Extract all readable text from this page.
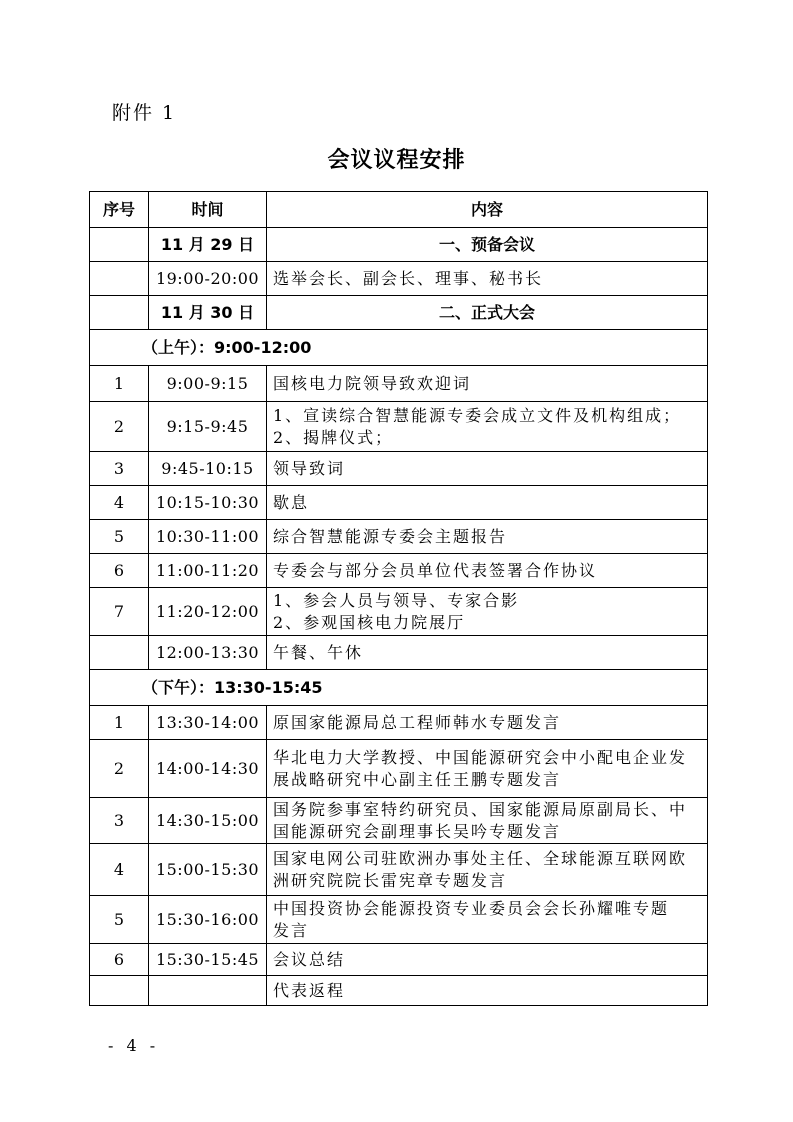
附件 1
会议议程安排
序号	时间	内容
	11 月 29 日	一、预备会议
	19:00-20:00	选举会长、副会长、理事、秘书长
	11 月 30 日	二、正式大会
（上午）：9:00-12:00		
1	9:00-9:15	国核电力院领导致欢迎词

2	9:15-9:45	1、宣读综合智慧能源专委会成立文件及机构组成；
2、揭牌仪式；

3	9:45-10:15	领导致词

4	10:15-10:30	歇息

5	10:30-11:00	综合智慧能源专委会主题报告

6	11:00-11:20	专委会与部分会员单位代表签署合作协议

7	11:20-12:00	1、参会人员与领导、专家合影
2、参观国核电力院展厅

	12:00-13:30	午餐、午休

（下午）：13:30-15:45		
1	13:30-14:00	原国家能源局总工程师韩水专题发言

2	14:00-14:30	华北电力大学教授、中国能源研究会中小配电企业发
展战略研究中心副主任王鹏专题发言

3	14:30-15:00	国务院参事室特约研究员、国家能源局原副局长、中
国能源研究会副理事长吴吟专题发言

4	15:00-15:30	国家电网公司驻欧洲办事处主任、全球能源互联网欧
洲研究院院长雷宪章专题发言

5	15:30-16:00	中国投资协会能源投资专业委员会会长孙耀唯专题
发言

6	15:30-15:45	会议总结

		代表返程
- 4 -
